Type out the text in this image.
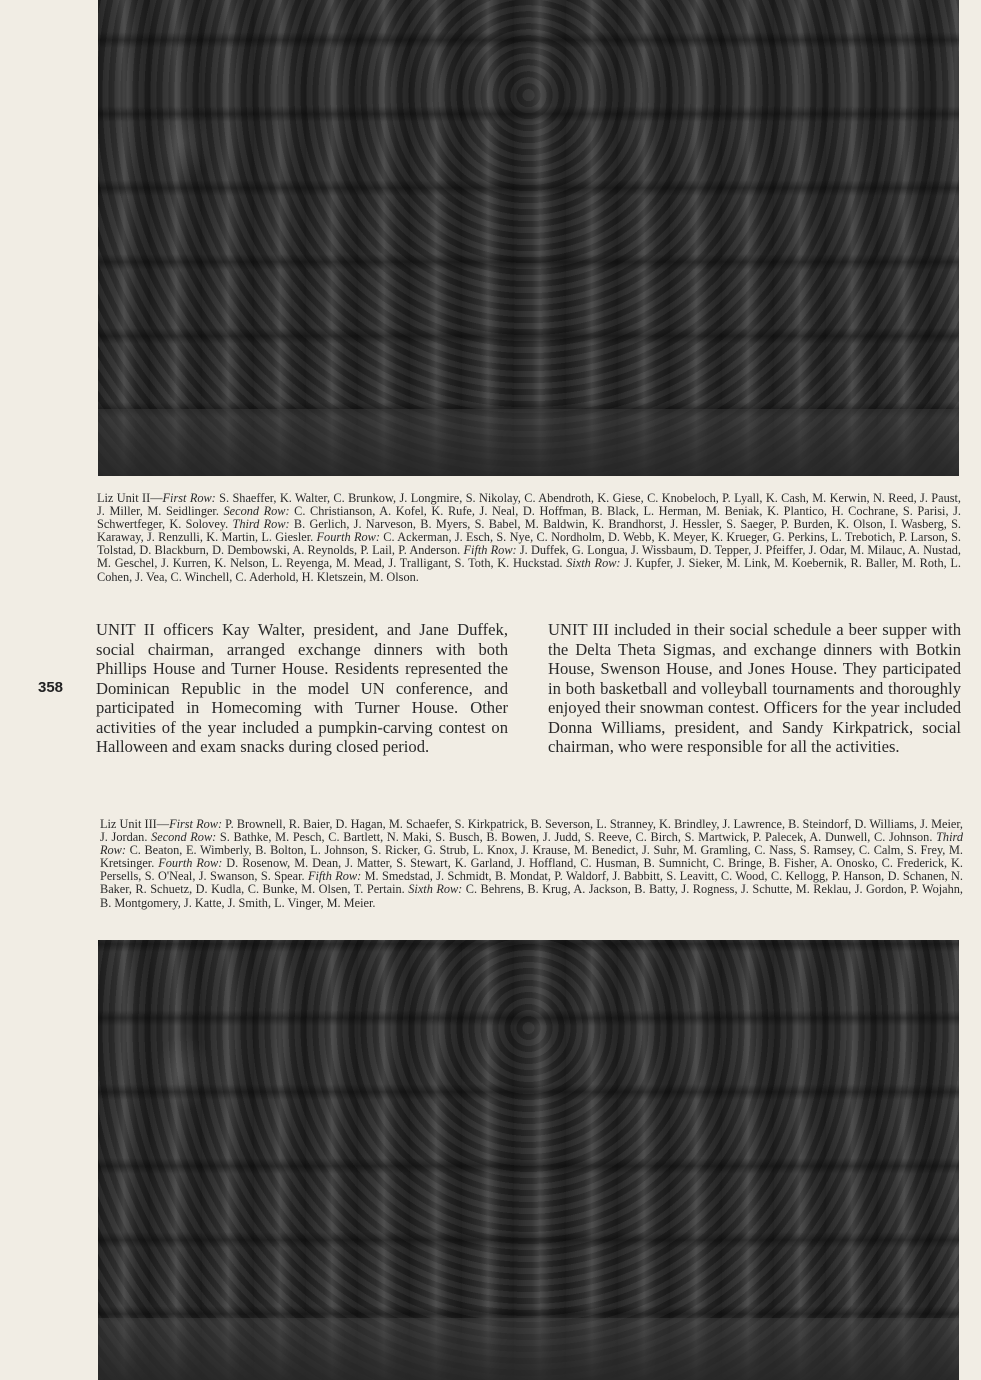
Liz Unit II—First Row: S. Shaeffer, K. Walter, C. Brunkow, J. Longmire, S. Nikolay, C. Abendroth, K. Giese, C. Knobeloch, P. Lyall, K. Cash, M. Kerwin, N. Reed, J. Paust, J. Miller, M. Seidlinger. Second Row: C. Christianson, A. Kofel, K. Rufe, J. Neal, D. Hoffman, B. Black, L. Herman, M. Beniak, K. Plantico, H. Cochrane, S. Parisi, J. Schwertfeger, K. Solovey. Third Row: B. Gerlich, J. Narveson, B. Myers, S. Babel, M. Baldwin, K. Brandhorst, J. Hessler, S. Saeger, P. Burden, K. Olson, I. Wasberg, S. Karaway, J. Renzulli, K. Martin, L. Giesler. Fourth Row: C. Ackerman, J. Esch, S. Nye, C. Nordholm, D. Webb, K. Meyer, K. Krueger, G. Perkins, L. Trebotich, P. Larson, S. Tolstad, D. Blackburn, D. Dembowski, A. Reynolds, P. Lail, P. Anderson. Fifth Row: J. Duffek, G. Longua, J. Wissbaum, D. Tepper, J. Pfeiffer, J. Odar, M. Milauc, A. Nustad, M. Geschel, J. Kurren, K. Nelson, L. Reyenga, M. Mead, J. Tralligant, S. Toth, K. Huckstad. Sixth Row: J. Kupfer, J. Sieker, M. Link, M. Koebernik, R. Baller, M. Roth, L. Cohen, J. Vea, C. Winchell, C. Aderhold, H. Kletszein, M. Olson.

358

UNIT II officers Kay Walter, president, and Jane Duffek, social chairman, arranged exchange dinners with both Phillips House and Turner House. Residents represented the Dominican Republic in the model UN conference, and participated in Homecoming with Turner House. Other activities of the year included a pumpkin-carving contest on Halloween and exam snacks during closed period.

UNIT III included in their social schedule a beer supper with the Delta Theta Sigmas, and exchange dinners with Botkin House, Swenson House, and Jones House. They participated in both basketball and volleyball tournaments and thoroughly enjoyed their snowman contest. Officers for the year included Donna Williams, president, and Sandy Kirkpatrick, social chairman, who were responsible for all the activities.

Liz Unit III—First Row: P. Brownell, R. Baier, D. Hagan, M. Schaefer, S. Kirkpatrick, B. Severson, L. Stranney, K. Brindley, J. Lawrence, B. Steindorf, D. Williams, J. Meier, J. Jordan. Second Row: S. Bathke, M. Pesch, C. Bartlett, N. Maki, S. Busch, B. Bowen, J. Judd, S. Reeve, C. Birch, S. Martwick, P. Palecek, A. Dunwell, C. Johnson. Third Row: C. Beaton, E. Wimberly, B. Bolton, L. Johnson, S. Ricker, G. Strub, L. Knox, J. Krause, M. Benedict, J. Suhr, M. Gramling, C. Nass, S. Ramsey, C. Calm, S. Frey, M. Kretsinger. Fourth Row: D. Rosenow, M. Dean, J. Matter, S. Stewart, K. Garland, J. Hoffland, C. Husman, B. Sumnicht, C. Bringe, B. Fisher, A. Onosko, C. Frederick, K. Persells, S. O'Neal, J. Swanson, S. Spear. Fifth Row: M. Smedstad, J. Schmidt, B. Mondat, P. Waldorf, J. Babbitt, S. Leavitt, C. Wood, C. Kellogg, P. Hanson, D. Schanen, N. Baker, R. Schuetz, D. Kudla, C. Bunke, M. Olsen, T. Pertain. Sixth Row: C. Behrens, B. Krug, A. Jackson, B. Batty, J. Rogness, J. Schutte, M. Reklau, J. Gordon, P. Wojahn, B. Montgomery, J. Katte, J. Smith, L. Vinger, M. Meier.
